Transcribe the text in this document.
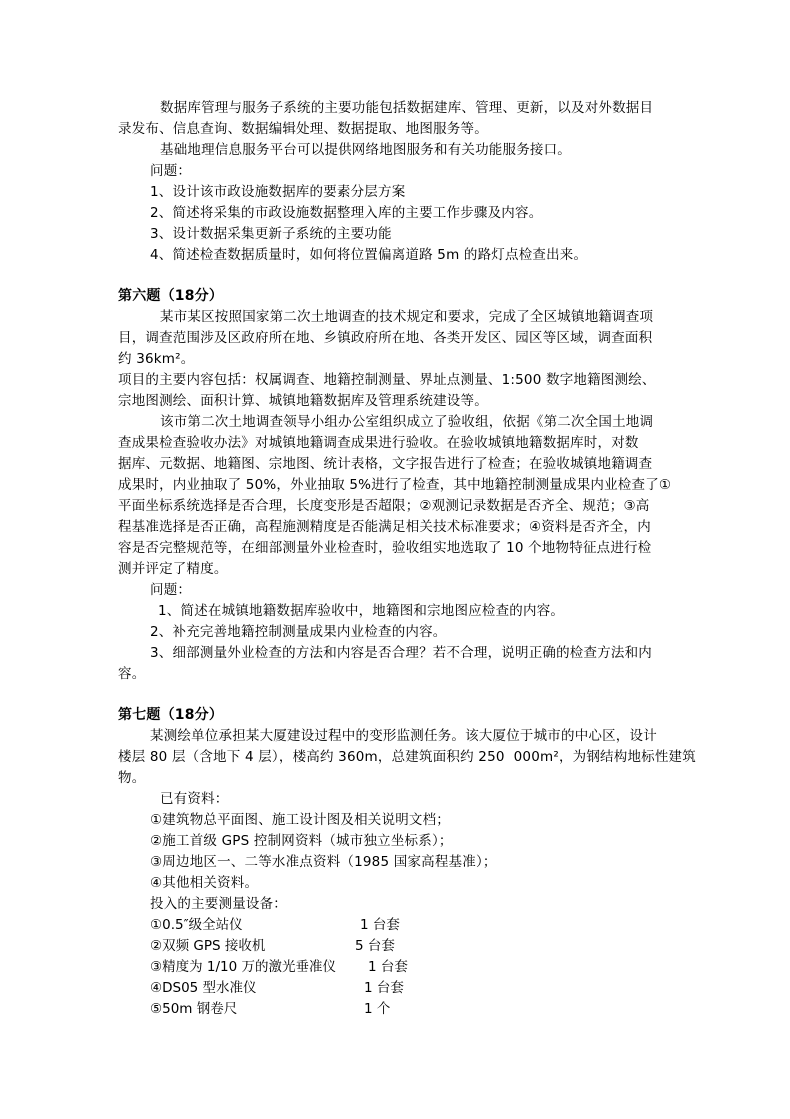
数据库管理与服务子系统的主要功能包括数据建库、管理、更新，以及对外数据目
录发布、信息查询、数据编辑处理、数据提取、地图服务等。
基础地理信息服务平台可以提供网络地图服务和有关功能服务接口。
问题：
1、设计该市政设施数据库的要素分层方案
2、简述将采集的市政设施数据整理入库的主要工作步骤及内容。
3、设计数据采集更新子系统的主要功能
4、简述检查数据质量时，如何将位置偏离道路 5m 的路灯点检查出来。
第六题（18分）
某市某区按照国家第二次土地调查的技术规定和要求，完成了全区城镇地籍调查项
目，调查范围涉及区政府所在地、乡镇政府所在地、各类开发区、园区等区域，调查面积
约 36km²。
项目的主要内容包括：权属调查、地籍控制测量、界址点测量、1:500 数字地籍图测绘、
宗地图测绘、面积计算、城镇地籍数据库及管理系统建设等。
该市第二次土地调查领导小组办公室组织成立了验收组，依据《第二次全国土地调
查成果检查验收办法》对城镇地籍调查成果进行验收。在验收城镇地籍数据库时，对数
据库、元数据、地籍图、宗地图、统计表格，文字报告进行了检查；在验收城镇地籍调查
成果时，内业抽取了 50%，外业抽取 5%进行了检查，其中地籍控制测量成果内业检查了①
平面坐标系统选择是否合理，长度变形是否超限；②观测记录数据是否齐全、规范；③高
程基准选择是否正确，高程施测精度是否能满足相关技术标准要求；④资料是否齐全，内
容是否完整规范等，在细部测量外业检查时，验收组实地选取了 10 个地物特征点进行检
测并评定了精度。
问题：
1、简述在城镇地籍数据库验收中，地籍图和宗地图应检查的内容。
2、补充完善地籍控制测量成果内业检查的内容。
3、细部测量外业检查的方法和内容是否合理？若不合理，说明正确的检查方法和内
容。
第七题（18分）
某测绘单位承担某大厦建设过程中的变形监测任务。该大厦位于城市的中心区，设计
楼层 80 层（含地下 4 层），楼高约 360m，总建筑面积约 250  000m²，为钢结构地标性建筑
物。
已有资料：
①建筑物总平面图、施工设计图及相关说明文档；
②施工首级 GPS 控制网资料（城市独立坐标系）；
③周边地区一、二等水准点资料（1985 国家高程基准）；
④其他相关资料。
投入的主要测量设备：
①0.5″级全站仪	1 台套
②双频 GPS 接收机	5 台套
③精度为 1/10 万的激光垂准仪 1 台套
④DS05 型水准仪	1 台套
⑤50m 钢卷尺	1 个
